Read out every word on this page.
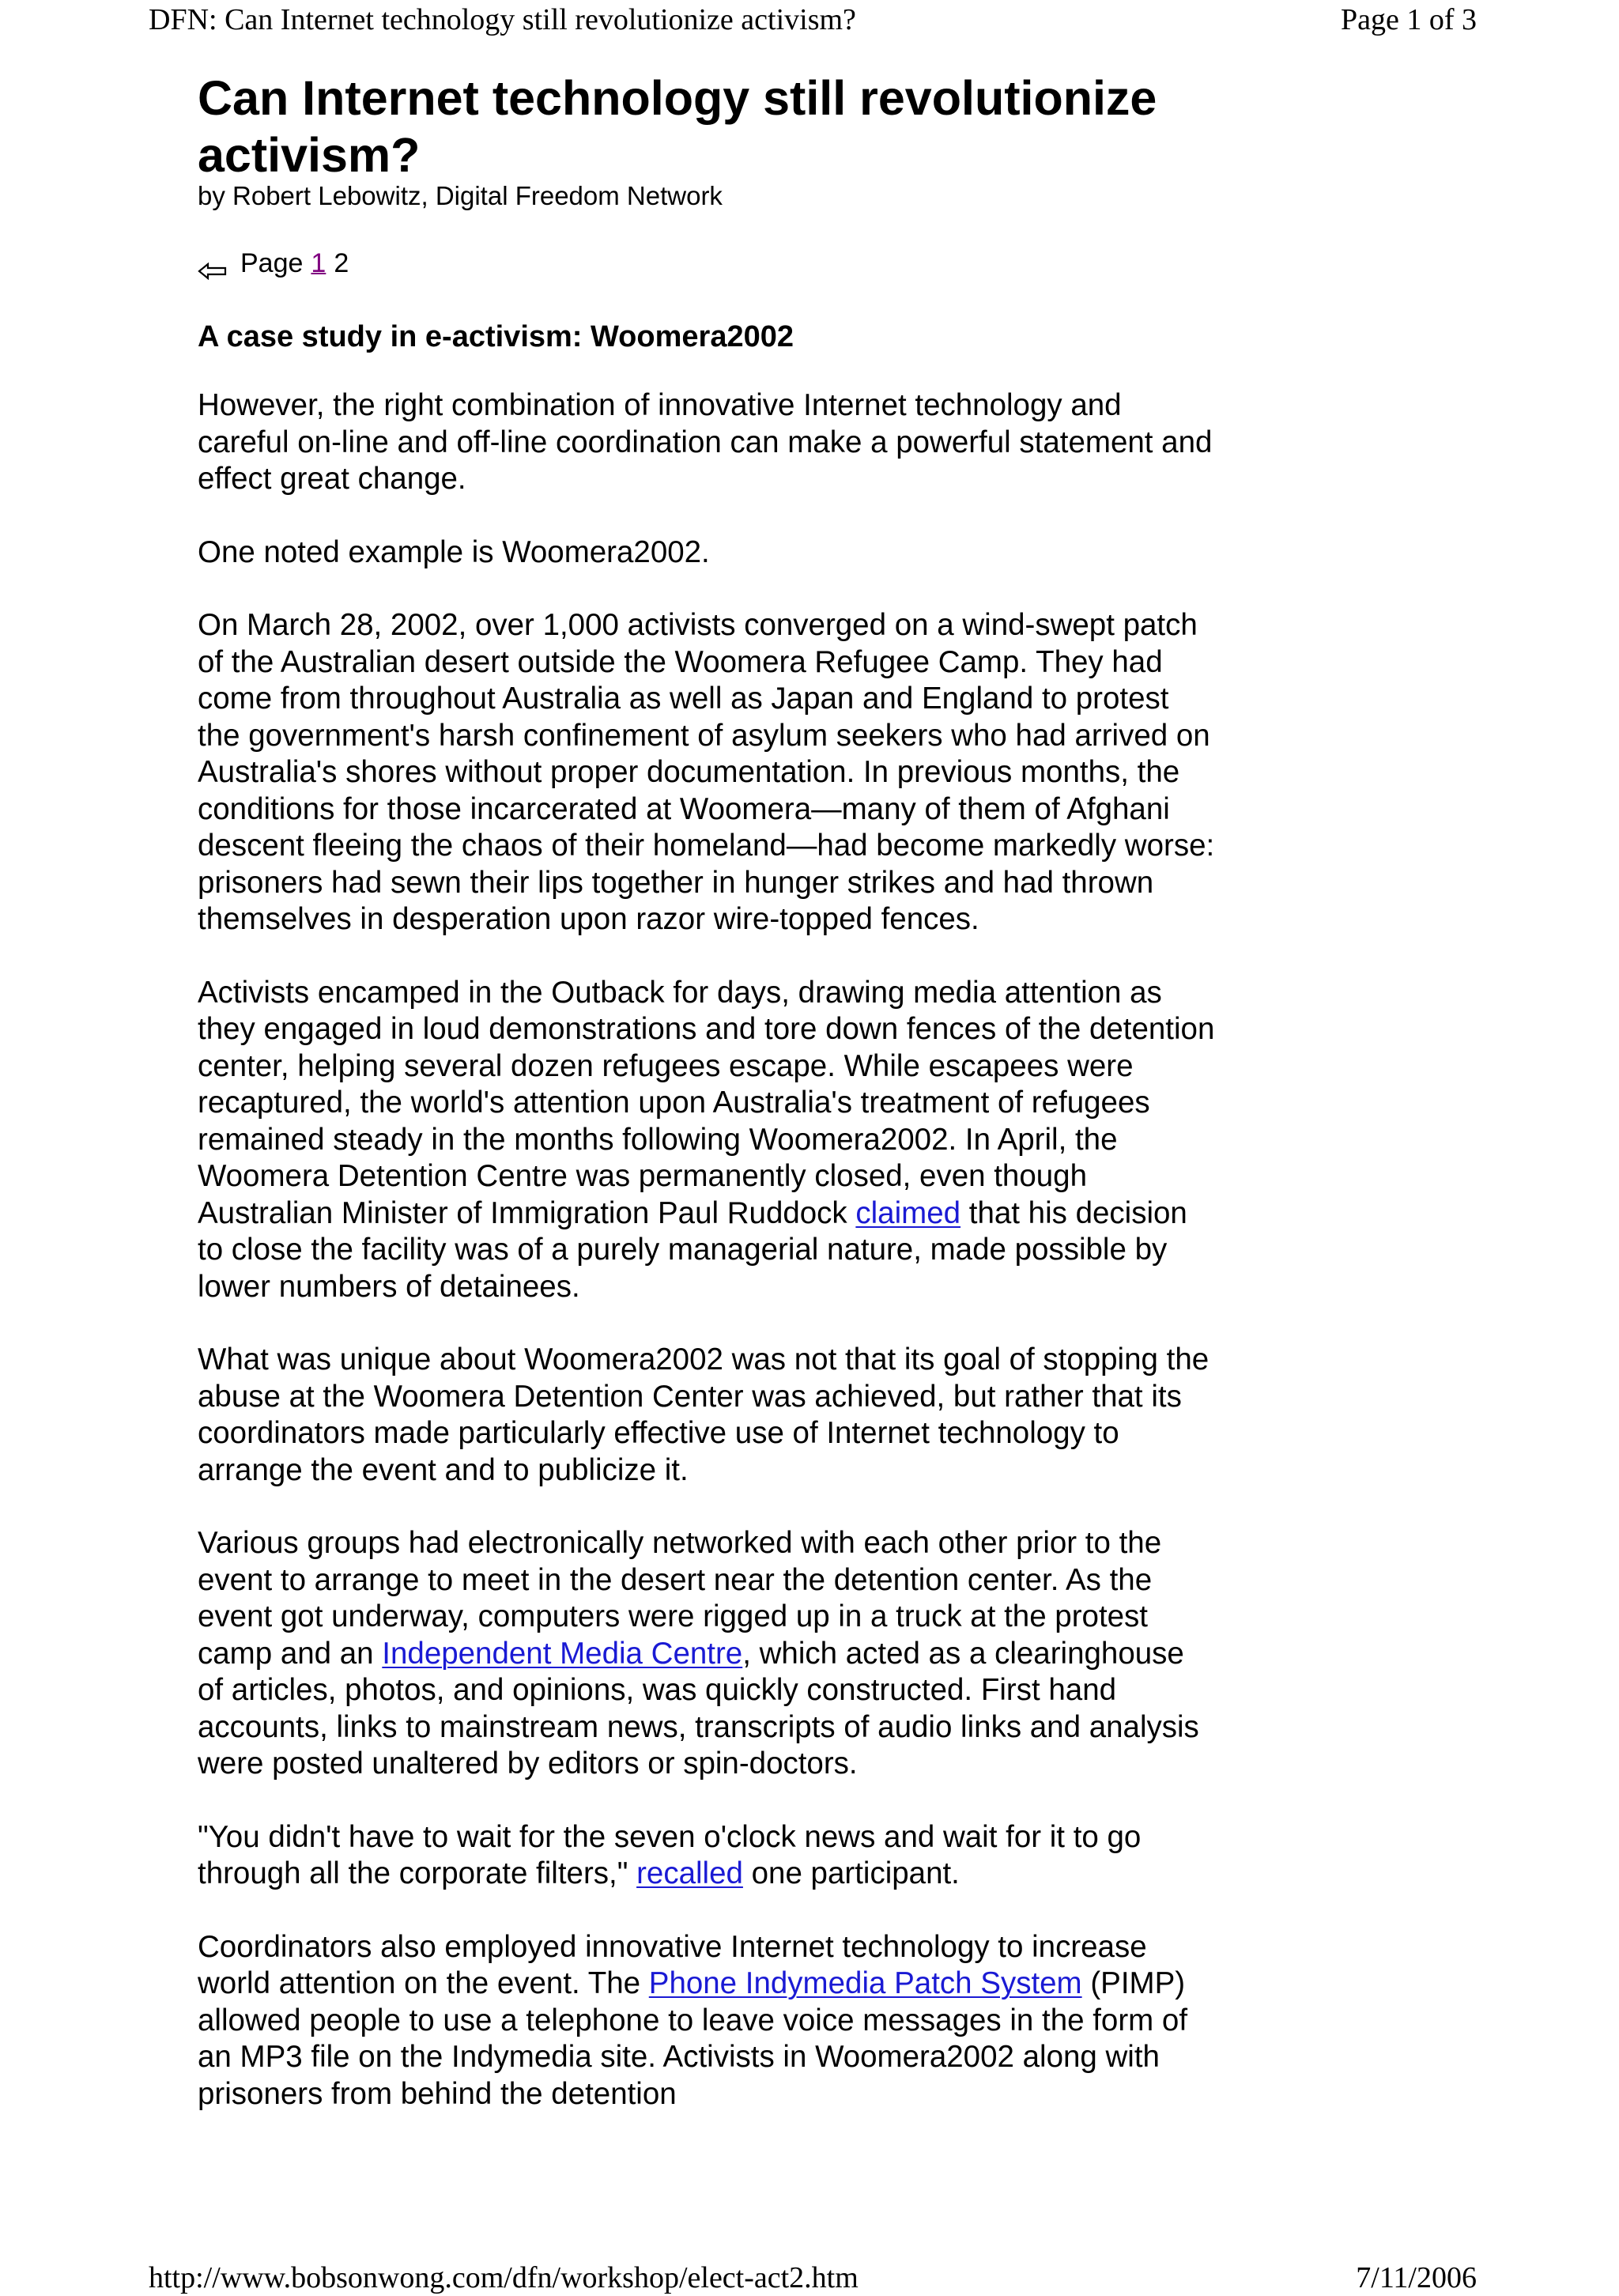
DFN: Can Internet technology still revolutionize activism?	Page 1 of 3
Can Internet technology still revolutionize activism?
by Robert Lebowitz, Digital Freedom Network
Page 1 2
A case study in e-activism: Woomera2002

However, the right combination of innovative Internet technology and careful on-line and off-line coordination can make a powerful statement and effect great change.

One noted example is Woomera2002.

On March 28, 2002, over 1,000 activists converged on a wind-swept patch of the Australian desert outside the Woomera Refugee Camp. They had come from throughout Australia as well as Japan and England to protest the government's harsh confinement of asylum seekers who had arrived on Australia's shores without proper documentation. In previous months, the conditions for those incarcerated at Woomera—many of them of Afghani descent fleeing the chaos of their homeland—had become markedly worse: prisoners had sewn their lips together in hunger strikes and had thrown themselves in desperation upon razor wire-topped fences.

Activists encamped in the Outback for days, drawing media attention as they engaged in loud demonstrations and tore down fences of the detention center, helping several dozen refugees escape. While escapees were recaptured, the world's attention upon Australia's treatment of refugees remained steady in the months following Woomera2002. In April, the Woomera Detention Centre was permanently closed, even though Australian Minister of Immigration Paul Ruddock claimed that his decision to close the facility was of a purely managerial nature, made possible by lower numbers of detainees.

What was unique about Woomera2002 was not that its goal of stopping the abuse at the Woomera Detention Center was achieved, but rather that its coordinators made particularly effective use of Internet technology to arrange the event and to publicize it.

Various groups had electronically networked with each other prior to the event to arrange to meet in the desert near the detention center. As the event got underway, computers were rigged up in a truck at the protest camp and an Independent Media Centre, which acted as a clearinghouse of articles, photos, and opinions, was quickly constructed. First hand accounts, links to mainstream news, transcripts of audio links and analysis were posted unaltered by editors or spin-doctors.

"You didn't have to wait for the seven o'clock news and wait for it to go through all the corporate filters," recalled one participant.

Coordinators also employed innovative Internet technology to increase world attention on the event. The Phone Indymedia Patch System (PIMP) allowed people to use a telephone to leave voice messages in the form of an MP3 file on the Indymedia site. Activists in Woomera2002 along with prisoners from behind the detention

http://www.bobsonwong.com/dfn/workshop/elect-act2.htm	7/11/2006
